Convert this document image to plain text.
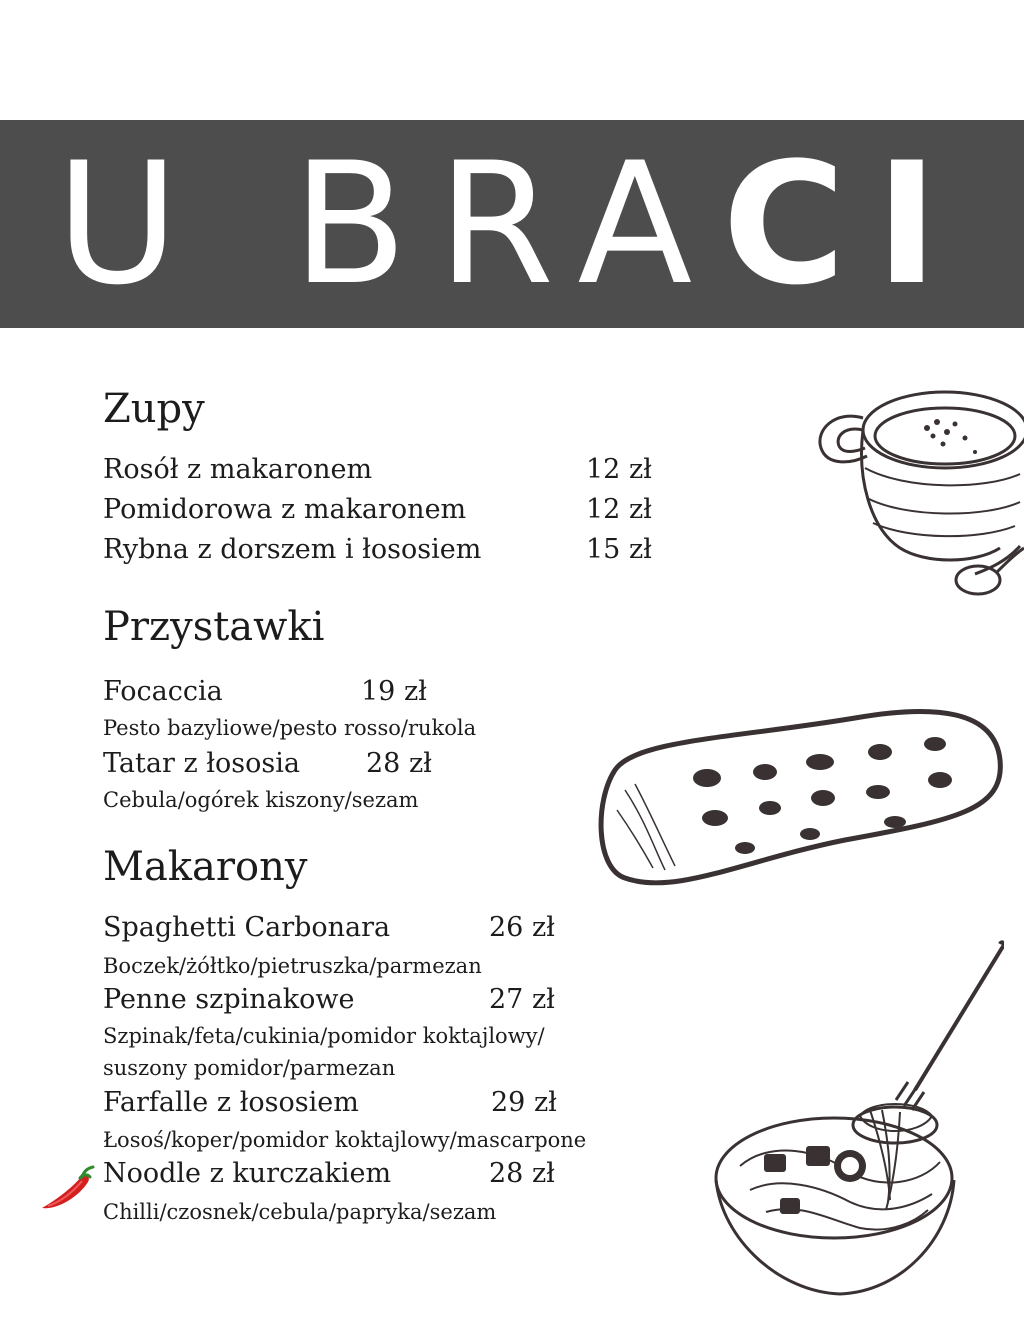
U BRA CI
Zupy
Rosół z makaronem	12 zł
Pomidorowa z makaronem	12 zł
Rybna z dorszem i łososiem	15 zł
Przystawki
Focaccia	19 zł
Pesto bazyliowe/pesto rosso/rukola
Tatar z łososia 28 zł
Cebula/ogórek kiszony/sezam
Makarony
Spaghetti Carbonara	26 zł
Boczek/żółtko/pietruszka/parmezan
Penne szpinakowe	27 zł
Szpinak/feta/cukinia/pomidor koktajlowy/
suszony pomidor/parmezan
Farfalle z łososiem	29 zł
Łosoś/koper/pomidor koktajlowy/mascarpone
Noodle z kurczakiem	28 zł
Chilli/czosnek/cebula/papryka/sezam
